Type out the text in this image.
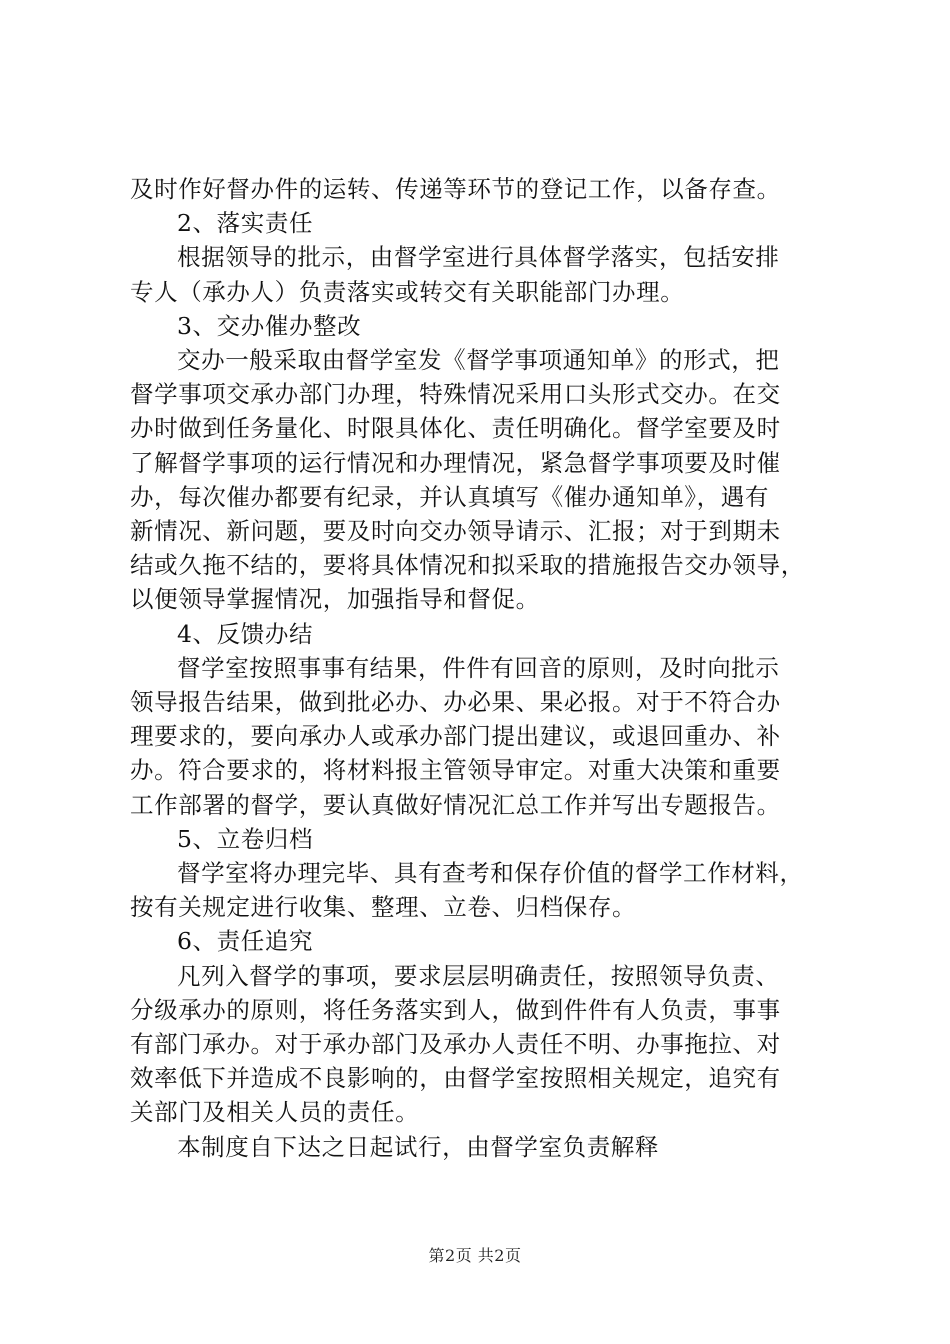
及时作好督办件的运转、传递等环节的登记工作，以备存查。

2、落实责任

根据领导的批示，由督学室进行具体督学落实，包括安排

专人（承办人）负责落实或转交有关职能部门办理。

3、交办催办整改

交办一般采取由督学室发《督学事项通知单》的形式，把

督学事项交承办部门办理，特殊情况采用口头形式交办。在交

办时做到任务量化、时限具体化、责任明确化。督学室要及时

了解督学事项的运行情况和办理情况，紧急督学事项要及时催

办，每次催办都要有纪录，并认真填写《催办通知单》，遇有

新情况、新问题，要及时向交办领导请示、汇报；对于到期未

结或久拖不结的，要将具体情况和拟采取的措施报告交办领导，

以便领导掌握情况，加强指导和督促。

4、反馈办结

督学室按照事事有结果，件件有回音的原则，及时向批示

领导报告结果，做到批必办、办必果、果必报。对于不符合办

理要求的，要向承办人或承办部门提出建议，或退回重办、补

办。符合要求的，将材料报主管领导审定。对重大决策和重要

工作部署的督学，要认真做好情况汇总工作并写出专题报告。

5、立卷归档

督学室将办理完毕、具有查考和保存价值的督学工作材料，

按有关规定进行收集、整理、立卷、归档保存。

6、责任追究

凡列入督学的事项，要求层层明确责任，按照领导负责、

分级承办的原则，将任务落实到人，做到件件有人负责，事事

有部门承办。对于承办部门及承办人责任不明、办事拖拉、对

效率低下并造成不良影响的，由督学室按照相关规定，追究有

关部门及相关人员的责任。

本制度自下达之日起试行，由督学室负责解释

第2页 共2页
